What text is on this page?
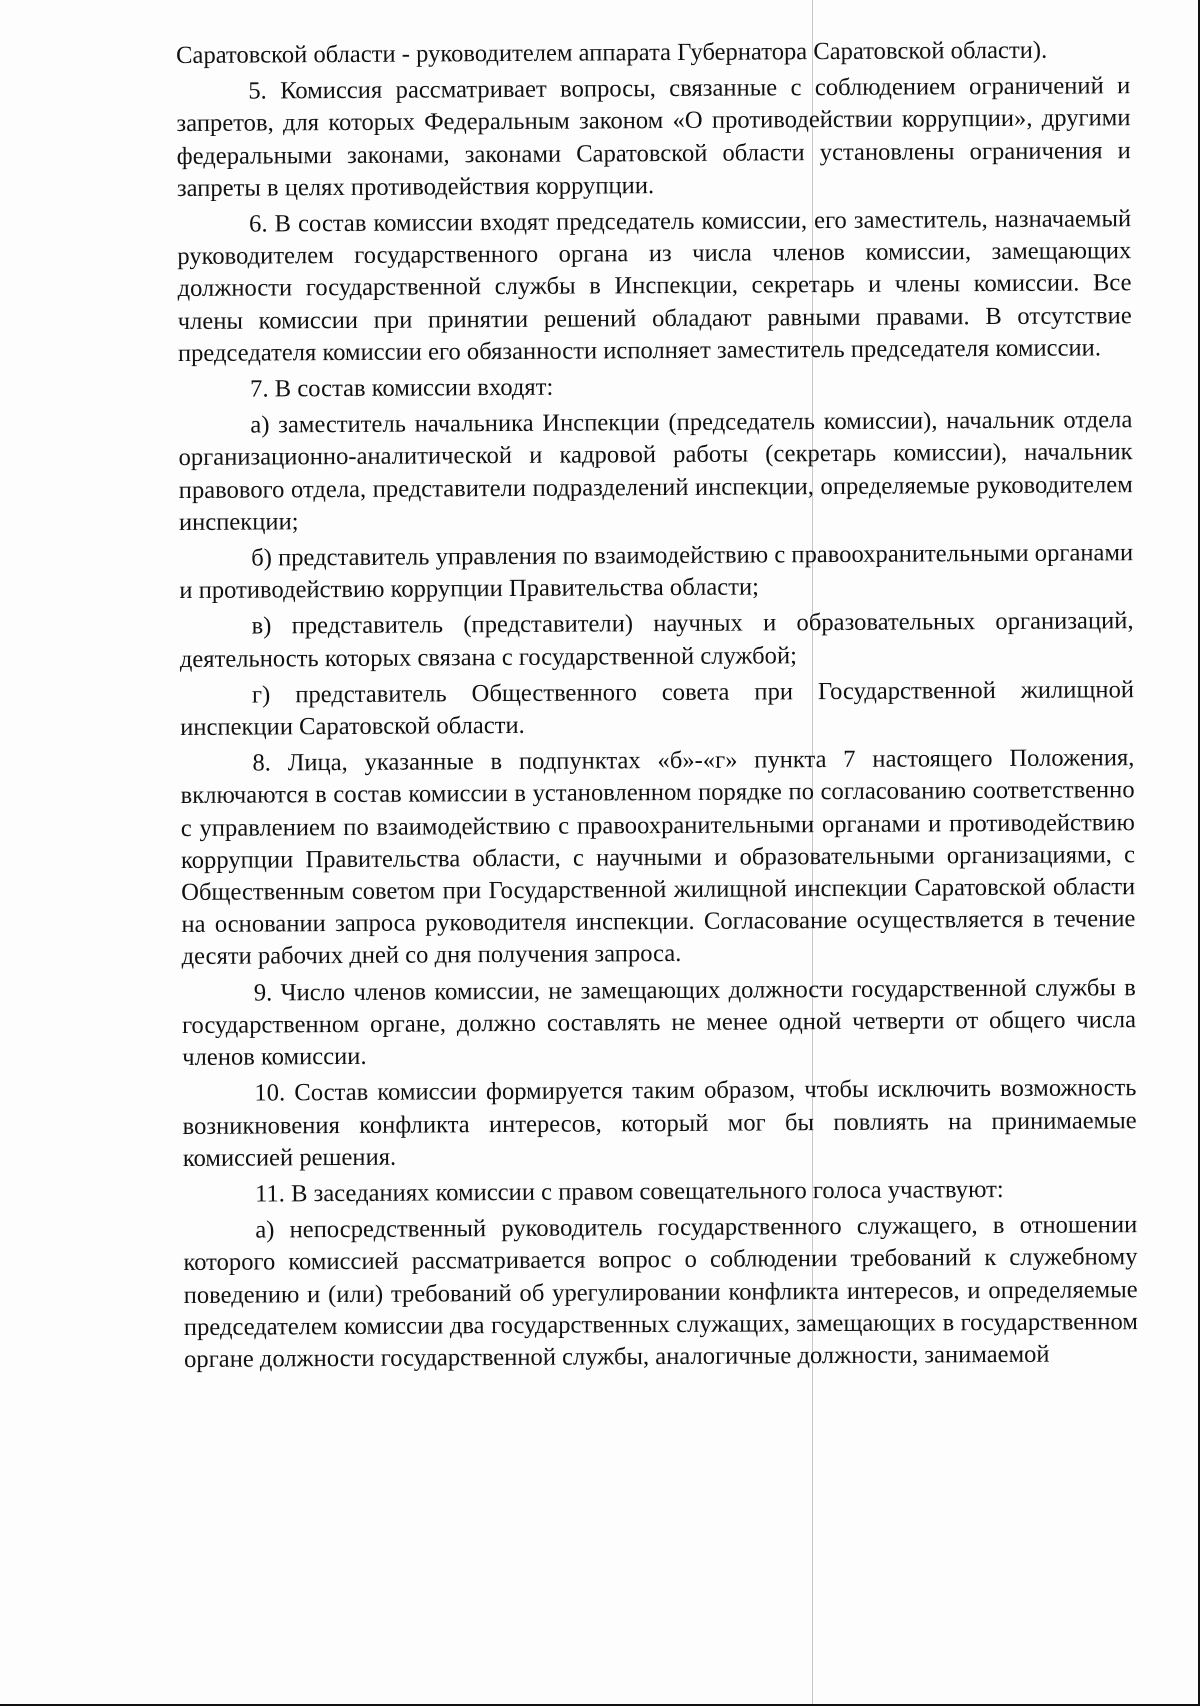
Саратовской области - руководителем аппарата Губернатора Саратовской области).

5. Комиссия рассматривает вопросы, связанные с соблюдением ограничений и запретов, для которых Федеральным законом «О противодействии коррупции», другими федеральными законами, законами Саратовской области установлены ограничения и запреты в целях противодействия коррупции.

6. В состав комиссии входят председатель комиссии, его заместитель, назначаемый руководителем государственного органа из числа членов комиссии, замещающих должности государственной службы в Инспекции, секретарь и члены комиссии. Все члены комиссии при принятии решений обладают равными правами. В отсутствие председателя комиссии его обязанности исполняет заместитель председателя комиссии.

7. В состав комиссии входят:

а) заместитель начальника Инспекции (председатель комиссии), начальник отдела организационно-аналитической и кадровой работы (секретарь комиссии), начальник правового отдела, представители подразделений инспекции, определяемые руководителем инспекции;

б) представитель управления по взаимодействию с правоохранительными органами и противодействию коррупции Правительства области;

в) представитель (представители) научных и образовательных организаций, деятельность которых связана с государственной службой;

г) представитель Общественного совета при Государственной жилищной инспекции Саратовской области.

8. Лица, указанные в подпунктах «б»-«г» пункта 7 настоящего Положения, включаются в состав комиссии в установленном порядке по согласованию соответственно с управлением по взаимодействию с правоохранительными органами и противодействию коррупции Правительства области, с научными и образовательными организациями, с Общественным советом при Государственной жилищной инспекции Саратовской области на основании запроса руководителя инспекции. Согласование осуществляется в течение десяти рабочих дней со дня получения запроса.

9. Число членов комиссии, не замещающих должности государственной службы в государственном органе, должно составлять не менее одной четверти от общего числа членов комиссии.

10. Состав комиссии формируется таким образом, чтобы исключить возможность возникновения конфликта интересов, который мог бы повлиять на принимаемые комиссией решения.

11. В заседаниях комиссии с правом совещательного голоса участвуют:

а) непосредственный руководитель государственного служащего, в отношении которого комиссией рассматривается вопрос о соблюдении требований к служебному поведению и (или) требований об урегулировании конфликта интересов, и определяемые председателем комиссии два государственных служащих, замещающих в государственном органе должности государственной службы, аналогичные должности, занимаемой
